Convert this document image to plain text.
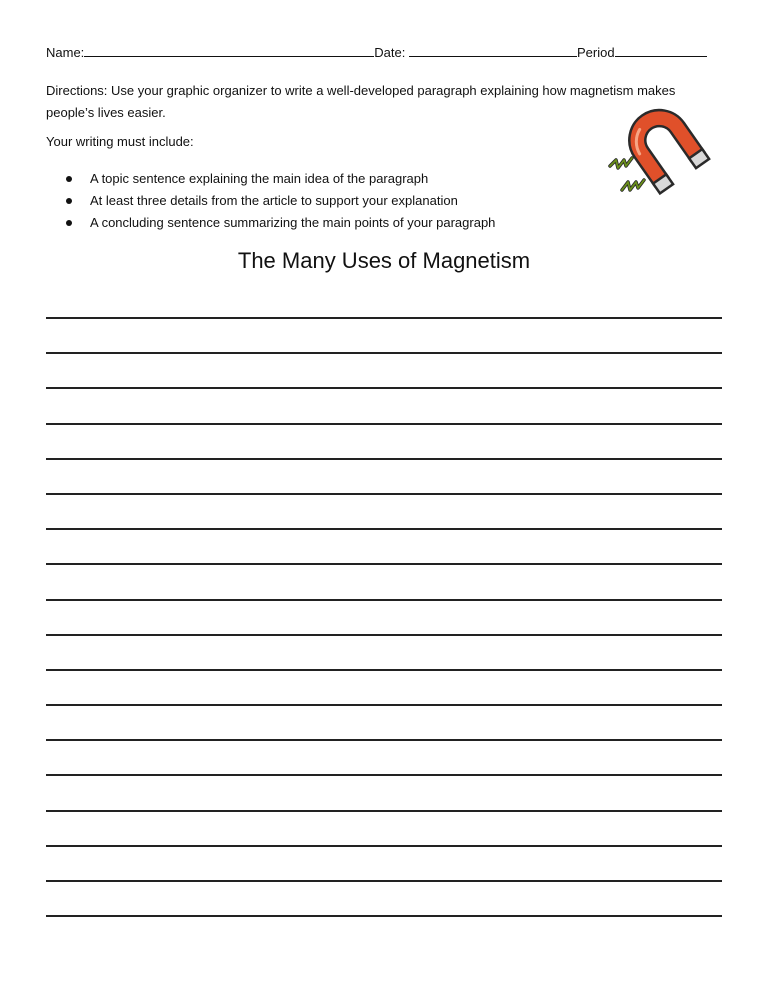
Name:	Date:	Period
Directions: Use your graphic organizer to write a well-developed paragraph explaining how magnetism makes people’s lives easier.
Your writing must include:
A topic sentence explaining the main idea of the paragraph
At least three details from the article to support your explanation
A concluding sentence summarizing the main points of your paragraph
The Many Uses of Magnetism
